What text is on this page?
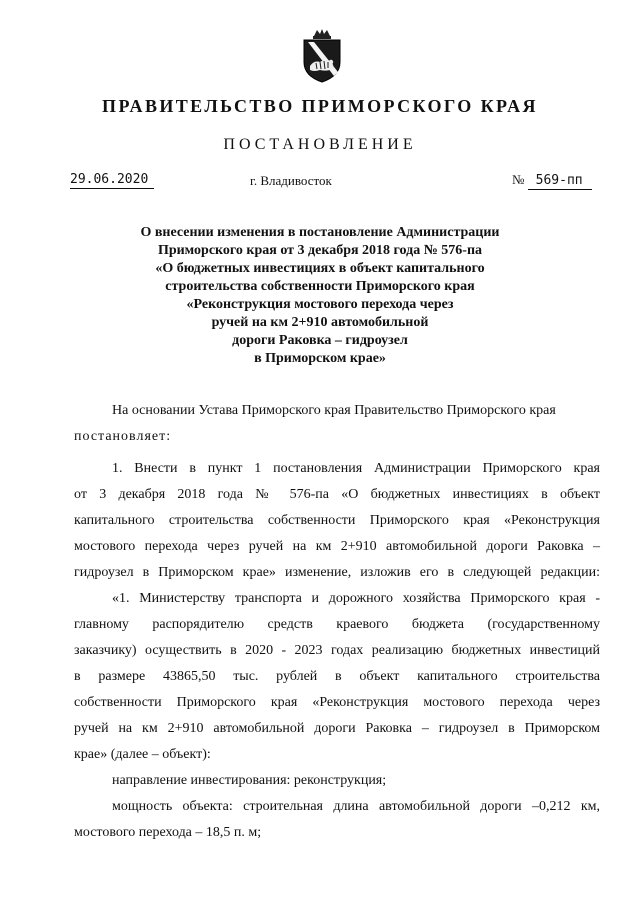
ПРАВИТЕЛЬСТВО ПРИМОРСКОГО КРАЯ
ПОСТАНОВЛЕНИЕ
29.06.2020	г. Владивосток	№ 569-пп
О внесении изменения в постановление Администрации
Приморского края от 3 декабря 2018 года № 576-па
«О бюджетных инвестициях в объект капитального
строительства собственности Приморского края
«Реконструкция мостового перехода через
ручей на км 2+910 автомобильной
дороги Раковка – гидроузел
в Приморском крае»
На основании Устава Приморского края Правительство Приморского края
постановляет:
1. Внести в пункт 1 постановления Администрации Приморского края
от 3 декабря 2018 года № 576-па «О бюджетных инвестициях в объект
капитального строительства собственности Приморского края «Реконструкция
мостового перехода через ручей на км 2+910 автомобильной дороги Раковка –
гидроузел в Приморском крае» изменение, изложив его в следующей редакции:
«1. Министерству транспорта и дорожного хозяйства Приморского края -
главному распорядителю средств краевого бюджета (государственному
заказчику) осуществить в 2020 - 2023 годах реализацию бюджетных инвестиций
в размере 43865,50 тыс. рублей в объект капитального строительства
собственности Приморского края «Реконструкция мостового перехода через
ручей на км 2+910 автомобильной дороги Раковка – гидроузел в Приморском
крае» (далее – объект):
направление инвестирования: реконструкция;
мощность объекта: строительная длина автомобильной дороги –0,212 км,
мостового перехода – 18,5 п. м;
